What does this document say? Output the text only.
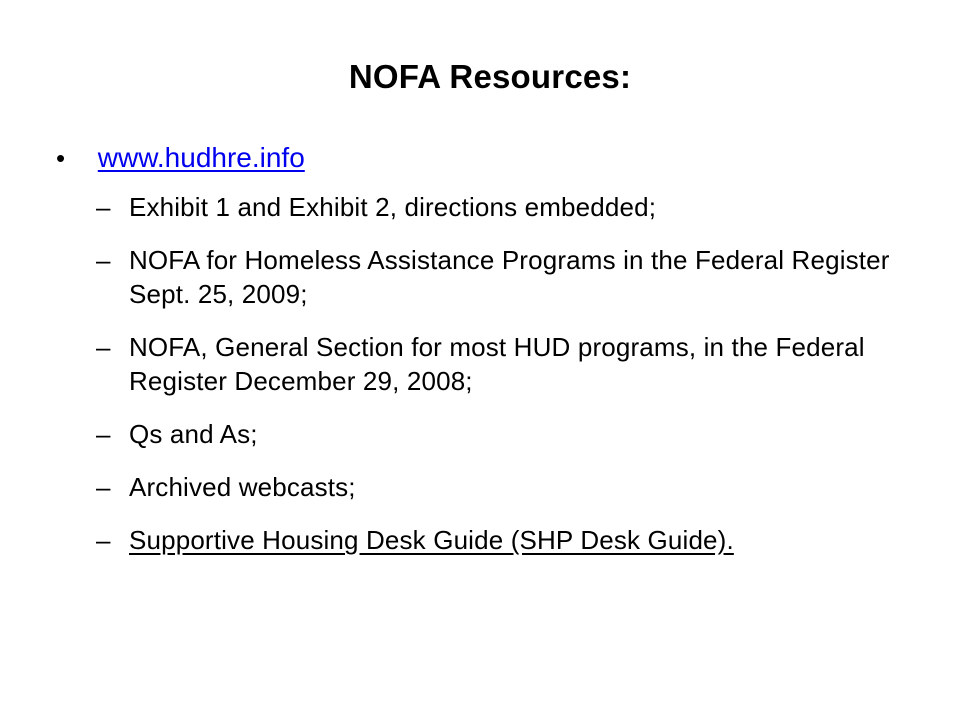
NOFA Resources:
• www.hudhre.info
– Exhibit 1 and Exhibit 2, directions embedded;
– NOFA for Homeless Assistance Programs in the Federal Register Sept. 25, 2009;
– NOFA, General Section for most HUD programs, in the Federal Register December 29, 2008;
– Qs and As;
– Archived webcasts;
– Supportive Housing Desk Guide (SHP Desk Guide).
